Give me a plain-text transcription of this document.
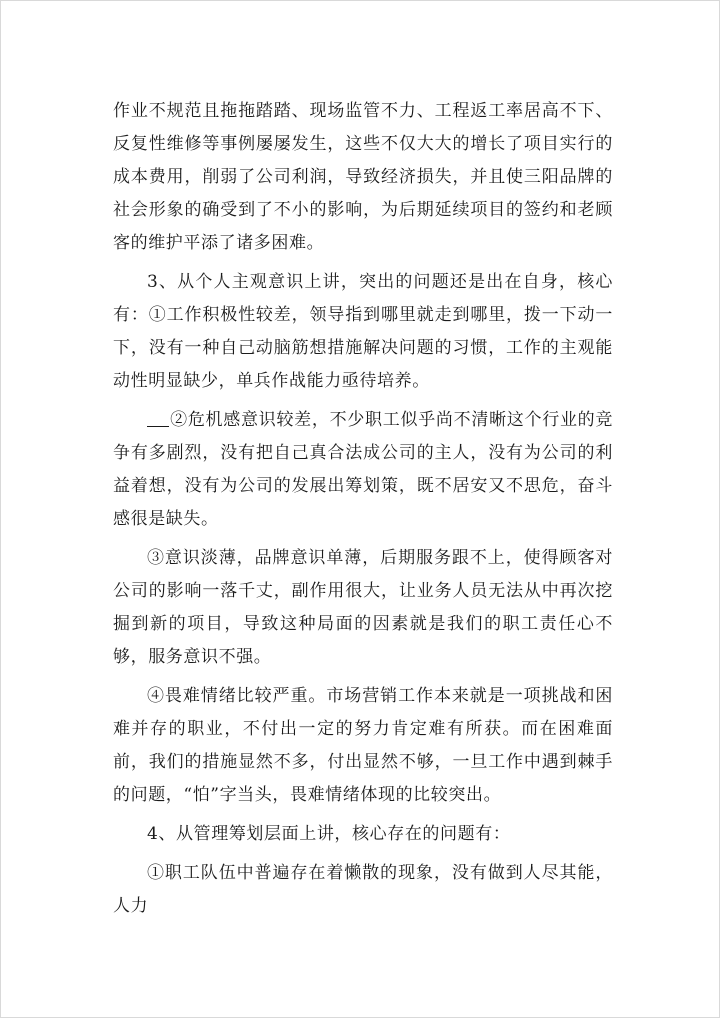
作业不规范且拖拖踏踏、现场监管不力、工程返工率居高不下、反复性维修等事例屡屡发生，这些不仅大大的增长了项目实行的成本费用，削弱了公司利润，导致经济损失，并且使三阳品牌的社会形象的确受到了不小的影响，为后期延续项目的签约和老顾客的维护平添了诸多困难。

3、从个人主观意识上讲，突出的问题还是出在自身，核心有：①工作积极性较差，领导指到哪里就走到哪里，拨一下动一下，没有一种自己动脑筋想措施解决问题的习惯，工作的主观能动性明显缺少，单兵作战能力亟待培养。

②危机感意识较差，不少职工似乎尚不清晰这个行业的竞争有多剧烈，没有把自己真合法成公司的主人，没有为公司的利益着想，没有为公司的发展出筹划策，既不居安又不思危，奋斗感很是缺失。

③意识淡薄，品牌意识单薄，后期服务跟不上，使得顾客对公司的影响一落千丈，副作用很大，让业务人员无法从中再次挖掘到新的项目，导致这种局面的因素就是我们的职工责任心不够，服务意识不强。

④畏难情绪比较严重。市场营销工作本来就是一项挑战和困难并存的职业，不付出一定的努力肯定难有所获。而在困难面前，我们的措施显然不多，付出显然不够，一旦工作中遇到棘手的问题，“怕”字当头，畏难情绪体现的比较突出。

4、从管理筹划层面上讲，核心存在的问题有：

①职工队伍中普遍存在着懒散的现象，没有做到人尽其能，人力
